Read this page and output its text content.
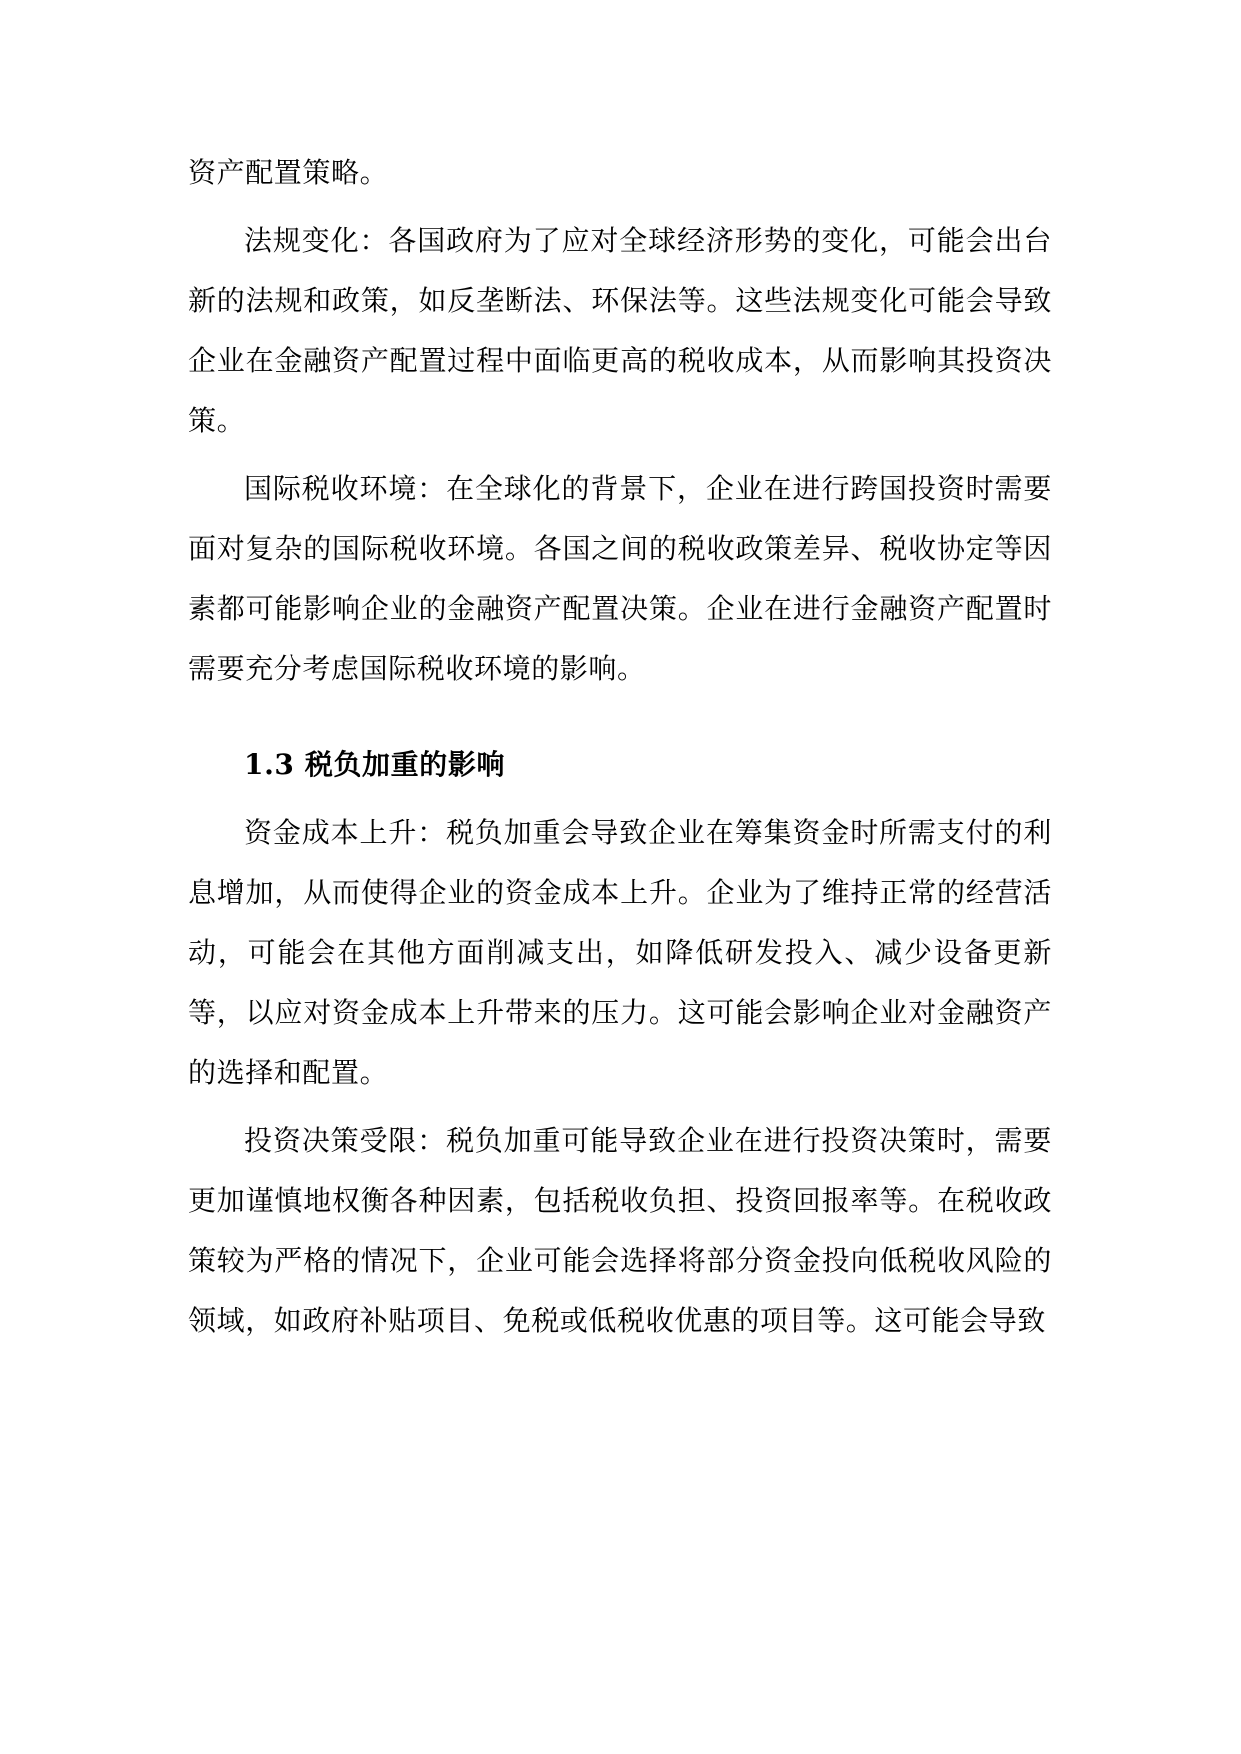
资产配置策略。

法规变化：各国政府为了应对全球经济形势的变化，可能会出台新的法规和政策，如反垄断法、环保法等。这些法规变化可能会导致企业在金融资产配置过程中面临更高的税收成本，从而影响其投资决策。

国际税收环境：在全球化的背景下，企业在进行跨国投资时需要面对复杂的国际税收环境。各国之间的税收政策差异、税收协定等因素都可能影响企业的金融资产配置决策。企业在进行金融资产配置时需要充分考虑国际税收环境的影响。

1.3 税负加重的影响

资金成本上升：税负加重会导致企业在筹集资金时所需支付的利息增加，从而使得企业的资金成本上升。企业为了维持正常的经营活动，可能会在其他方面削减支出，如降低研发投入、减少设备更新等，以应对资金成本上升带来的压力。这可能会影响企业对金融资产的选择和配置。

投资决策受限：税负加重可能导致企业在进行投资决策时，需要更加谨慎地权衡各种因素，包括税收负担、投资回报率等。在税收政策较为严格的情况下，企业可能会选择将部分资金投向低税收风险的领域，如政府补贴项目、免税或低税收优惠的项目等。这可能会导致
